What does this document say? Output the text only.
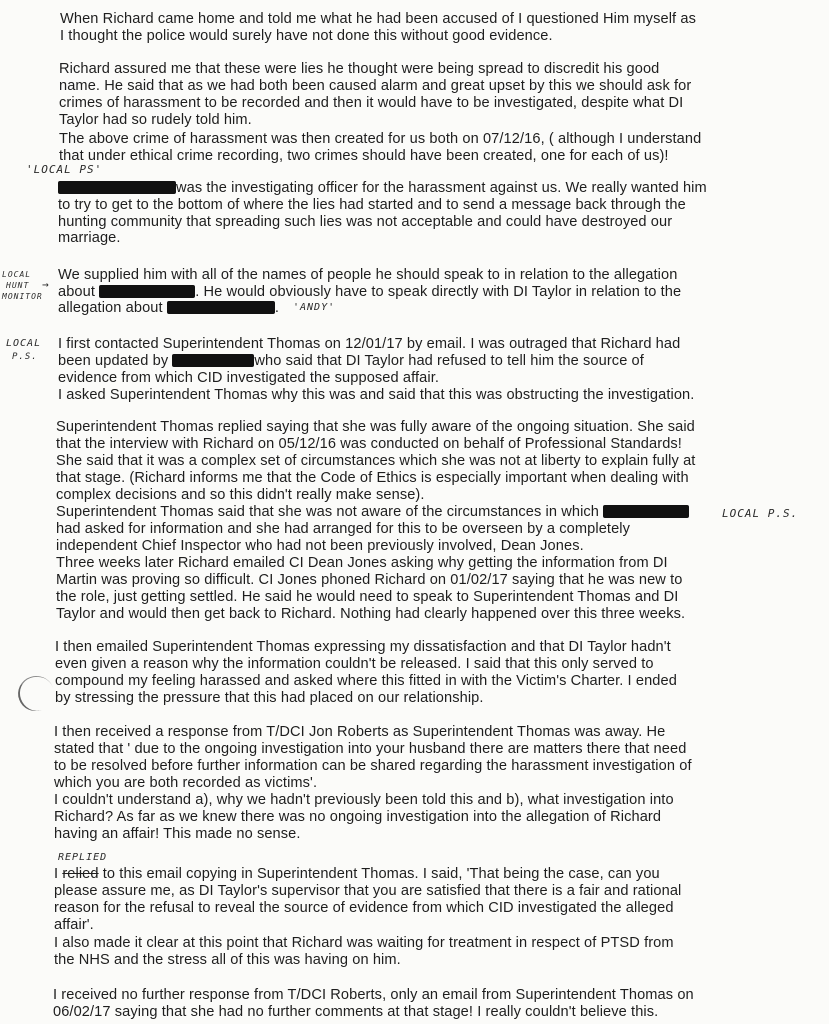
When Richard came home and told me what he had been accused of I questioned Him myself as
I thought the police would surely have not done this without good evidence.
Richard assured me that these were lies he thought were being spread to discredit his good
name. He said that as we had both been caused alarm and great upset by this we should ask for
crimes of harassment to be recorded and then it would have to be investigated, despite what DI
Taylor had so rudely told him.
The above crime of harassment was then created for us both on 07/12/16, ( although I understand
that under ethical crime recording, two crimes should have been created, one for each of us)!
'LOCAL PS'
was the investigating officer for the harassment against us. We really wanted him
to try to get to the bottom of where the lies had started and to send a message back through the
hunting community that spreading such lies was not acceptable and could have destroyed our
marriage.
LOCAL
HUNT
MONITOR
→
We supplied him with all of the names of people he should speak to in relation to the allegation
about	. He would obviously have to speak directly with DI Taylor in relation to the
allegation about	. 'ANDY'
LOCAL
P.S.
I first contacted Superintendent Thomas on 12/01/17 by email. I was outraged that Richard had
been updated by	who said that DI Taylor had refused to tell him the source of
evidence from which CID investigated the supposed affair.
I asked Superintendent Thomas why this was and said that this was obstructing the investigation.
Superintendent Thomas replied saying that she was fully aware of the ongoing situation. She said
that the interview with Richard on 05/12/16 was conducted on behalf of Professional Standards!
She said that it was a complex set of circumstances which she was not at liberty to explain fully at
that stage. (Richard informs me that the Code of Ethics is especially important when dealing with
complex decisions and so this didn't really make sense).
Superintendent Thomas said that she was not aware of the circumstances in which	LOCAL P.S.
had asked for information and she had arranged for this to be overseen by a completely
independent Chief Inspector who had not been previously involved, Dean Jones.
Three weeks later Richard emailed CI Dean Jones asking why getting the information from DI
Martin was proving so difficult. CI Jones phoned Richard on 01/02/17 saying that he was new to
the role, just getting settled. He said he would need to speak to Superintendent Thomas and DI
Taylor and would then get back to Richard. Nothing had clearly happened over this three weeks.
I then emailed Superintendent Thomas expressing my dissatisfaction and that DI Taylor hadn't
even given a reason why the information couldn't be released. I said that this only served to
compound my feeling harassed and asked where this fitted in with the Victim's Charter. I ended
by stressing the pressure that this had placed on our relationship.
I then received a response from T/DCI Jon Roberts as Superintendent Thomas was away. He
stated that ' due to the ongoing investigation into your husband there are matters there that need
to be resolved before further information can be shared regarding the harassment investigation of
which you are both recorded as victims'.
I couldn't understand a), why we hadn't previously been told this and b), what investigation into
Richard? As far as we knew there was no ongoing investigation into the allegation of Richard
having an affair! This made no sense.
REPLIED
I relied to this email copying in Superintendent Thomas. I said, 'That being the case, can you
please assure me, as DI Taylor's supervisor that you are satisfied that there is a fair and rational
reason for the refusal to reveal the source of evidence from which CID investigated the alleged
affair'.
I also made it clear at this point that Richard was waiting for treatment in respect of PTSD from
the NHS and the stress all of this was having on him.
I received no further response from T/DCI Roberts, only an email from Superintendent Thomas on
06/02/17 saying that she had no further comments at that stage! I really couldn't believe this.
